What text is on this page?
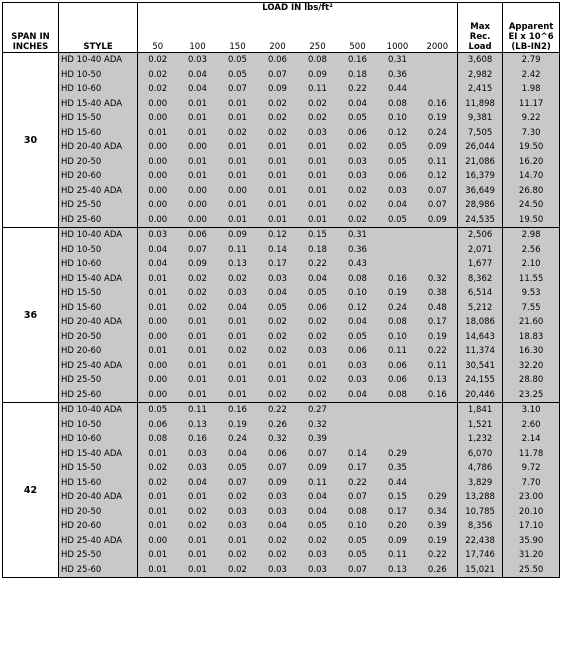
SPAN IN INCHES	STYLE	LOAD IN lbs/ft²								Max Rec. Load	Apparent EI x 10^6 (LB-IN2)
		50	100	150	200	250	500	1000	2000		
30	HD 10-40 ADA	0.02	0.03	0.05	0.06	0.08	0.16	0.31		3,608	2.79
	HD 10-50	0.02	0.04	0.05	0.07	0.09	0.18	0.36		2,982	2.42
	HD 10-60	0.02	0.04	0.07	0.09	0.11	0.22	0.44		2,415	1.98
	HD 15-40 ADA	0.00	0.01	0.01	0.02	0.02	0.04	0.08	0.16	11,898	11.17
	HD 15-50	0.00	0.01	0.01	0.02	0.02	0.05	0.10	0.19	9,381	9.22
	HD 15-60	0.01	0.01	0.02	0.02	0.03	0.06	0.12	0.24	7,505	7.30
	HD 20-40 ADA	0.00	0.00	0.01	0.01	0.01	0.02	0.05	0.09	26,044	19.50
	HD 20-50	0.00	0.01	0.01	0.01	0.01	0.03	0.05	0.11	21,086	16.20
	HD 20-60	0.00	0.01	0.01	0.01	0.01	0.03	0.06	0.12	16,379	14.70
	HD 25-40 ADA	0.00	0.00	0.00	0.01	0.01	0.02	0.03	0.07	36,649	26.80
	HD 25-50	0.00	0.00	0.01	0.01	0.01	0.02	0.04	0.07	28,986	24.50
	HD 25-60	0.00	0.00	0.01	0.01	0.01	0.02	0.05	0.09	24,535	19.50
36	HD 10-40 ADA	0.03	0.06	0.09	0.12	0.15	0.31			2,506	2.98
	HD 10-50	0.04	0.07	0.11	0.14	0.18	0.36			2,071	2.56
	HD 10-60	0.04	0.09	0.13	0.17	0.22	0.43			1,677	2.10
	HD 15-40 ADA	0.01	0.02	0.02	0.03	0.04	0.08	0.16	0.32	8,362	11.55
	HD 15-50	0.01	0.02	0.03	0.04	0.05	0.10	0.19	0.38	6,514	9.53
	HD 15-60	0.01	0.02	0.04	0.05	0.06	0.12	0.24	0.48	5,212	7.55
	HD 20-40 ADA	0.00	0.01	0.01	0.02	0.02	0.04	0.08	0.17	18,086	21.60
	HD 20-50	0.00	0.01	0.01	0.02	0.02	0.05	0.10	0.19	14,643	18.83
	HD 20-60	0.01	0.01	0.02	0.02	0.03	0.06	0.11	0.22	11,374	16.30
	HD 25-40 ADA	0.00	0.01	0.01	0.01	0.01	0.03	0.06	0.11	30,541	32.20
	HD 25-50	0.00	0.01	0.01	0.01	0.02	0.03	0.06	0.13	24,155	28.80
	HD 25-60	0.00	0.01	0.01	0.02	0.02	0.04	0.08	0.16	20,446	23.25
42	HD 10-40 ADA	0.05	0.11	0.16	0.22	0.27				1,841	3.10
	HD 10-50	0.06	0.13	0.19	0.26	0.32				1,521	2.60
	HD 10-60	0.08	0.16	0.24	0.32	0.39				1,232	2.14
	HD 15-40 ADA	0.01	0.03	0.04	0.06	0.07	0.14	0.29		6,070	11.78
	HD 15-50	0.02	0.03	0.05	0.07	0.09	0.17	0.35		4,786	9.72
	HD 15-60	0.02	0.04	0.07	0.09	0.11	0.22	0.44		3,829	7.70
	HD 20-40 ADA	0.01	0.01	0.02	0.03	0.04	0.07	0.15	0.29	13,288	23.00
	HD 20-50	0.01	0.02	0.03	0.03	0.04	0.08	0.17	0.34	10,785	20.10
	HD 20-60	0.01	0.02	0.03	0.04	0.05	0.10	0.20	0.39	8,356	17.10
	HD 25-40 ADA	0.00	0.01	0.01	0.02	0.02	0.05	0.09	0.19	22,438	35.90
	HD 25-50	0.01	0.01	0.02	0.02	0.03	0.05	0.11	0.22	17,746	31.20
	HD 25-60	0.01	0.01	0.02	0.03	0.03	0.07	0.13	0.26	15,021	25.50
